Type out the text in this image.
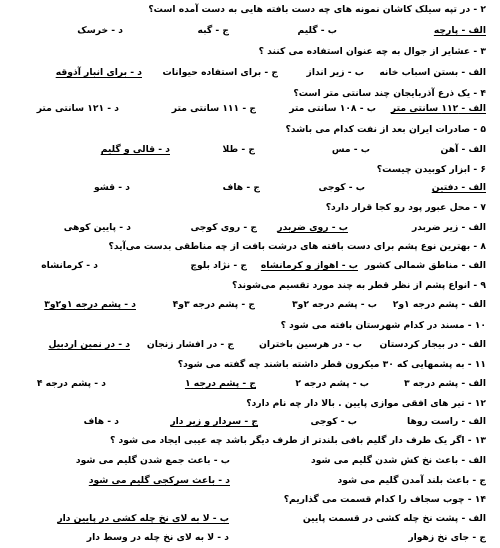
۲ - در تپه سیلک کاشان نمونه های چه دست بافته هایی به دست آمده است؟
الف - پارچه
ب - گلیم
ج - گبه
د - خرسک
۳ - عشایر از جوال به چه عنوان استفاده می کنند ؟
الف - بستن اسباب خانه
ب - زیر انداز
ج - برای استفاده حیوانات
د - برای انبار آذوقه
۴ - یک ذرع آذربایجان چند سانتی متر است؟
الف - ۱۱۲ سانتی متر
ب - ۱۰۸ سانتی متر
ج - ۱۱۱ سانتی متر
د - ۱۲۱ سانتی متر
۵ - صادرات ایران بعد از نفت کدام می باشد؟
الف - آهن
ب - مس
ج - طلا
د - قالی و گلیم
۶ - ابزار کوبیدن چیست؟
الف - دفتین
ب - کوجی
ج - هاف
د - قشو
۷ - محل عبور پود رو کجا قرار دارد؟
الف - زیر ضربدر
ب - روی ضربدر
ج - روی کوجی
د - پایین کوهی
۸ - بهترین نوع پشم برای دست بافته های درشت بافت از چه مناطقی بدست می‌آید؟
الف - مناطق شمالی کشور
ب - اهواز و کرمانشاه
ج - نژاد بلوچ
د - کرمانشاه
۹ - انواع پشم از نظر قطر به چند مورد تقسیم می‌شوند؟
الف - پشم درجه ۱و۲
ب - پشم درجه ۲و۳
ج - پشم درجه ۳و۴
د - پشم درجه ۱و۲و۳
۱۰ - مسند در کدام شهرستان بافته می شود ؟
الف - در بیجار کردستان
ب - در هرسین باختران
ج - در افشار زنجان
د - در نمین اردبیل
۱۱ - به پشمهایی که ۳۰ میکرون قطر داشته باشند چه گفته می شود؟
الف - پشم درجه ۳
ب - پشم درجه ۲
ج - پشم درجه ۱
د - پشم درجه ۴
۱۲ - تیر های افقی موازی پایین . بالا دار چه نام دارد؟
الف - راست روها
ب - کوجی
ج - سردار و زیر دار
د - هاف
۱۳ - اگر یک طرف دار گلیم بافی بلندتر از طرف دیگر باشد چه عیبی ایجاد می شود ؟
الف - باعث نخ کش شدن گلیم می شود
ب - باعث جمع شدن گلیم می شود
ج - باعث بلند آمدن گلیم می شود
د - باعث سرکجی گلیم می شود
۱۴ - چوب سجاف را کدام قسمت می گذاریم؟
الف - پشت نخ چله کشی در قسمت پایین
ب - لا به لای نخ چله کشی در پایین دار
ج - جای نخ زهوار
د - لا به لای نخ چله در وسط دار
